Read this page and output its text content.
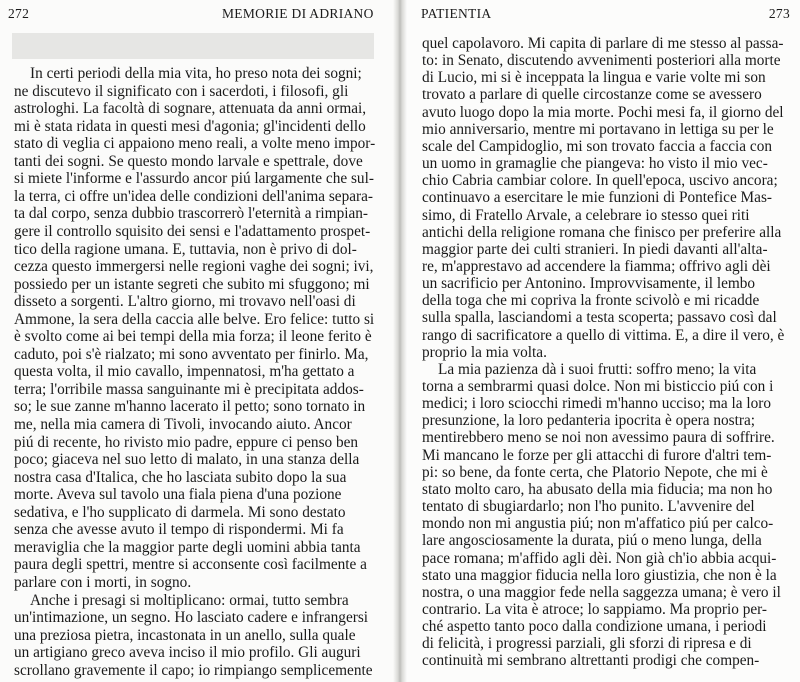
272	MEMORIE DI ADRIANO
In certi periodi della mia vita, ho preso nota dei sogni;
ne discutevo il significato con i sacerdoti, i filosofi, gli
astrologhi. La facoltà di sognare, attenuata da anni ormai,
mi è stata ridata in questi mesi d'agonia; gl'incidenti dello
stato di veglia ci appaiono meno reali, a volte meno impor-
tanti dei sogni. Se questo mondo larvale e spettrale, dove
si miete l'informe e l'assurdo ancor piú largamente che sul-
la terra, ci offre un'idea delle condizioni dell'anima separa-
ta dal corpo, senza dubbio trascorrerò l'eternità a rimpian-
gere il controllo squisito dei sensi e l'adattamento prospet-
tico della ragione umana. E, tuttavia, non è privo di dol-
cezza questo immergersi nelle regioni vaghe dei sogni; ivi,
possiedo per un istante segreti che subito mi sfuggono; mi
disseto a sorgenti. L'altro giorno, mi trovavo nell'oasi di
Ammone, la sera della caccia alle belve. Ero felice: tutto si
è svolto come ai bei tempi della mia forza; il leone ferito è
caduto, poi s'è rialzato; mi sono avventato per finirlo. Ma,
questa volta, il mio cavallo, impennatosi, m'ha gettato a
terra; l'orribile massa sanguinante mi è precipitata addos-
so; le sue zanne m'hanno lacerato il petto; sono tornato in
me, nella mia camera di Tivoli, invocando aiuto. Ancor
piú di recente, ho rivisto mio padre, eppure ci penso ben
poco; giaceva nel suo letto di malato, in una stanza della
nostra casa d'Italica, che ho lasciata subito dopo la sua
morte. Aveva sul tavolo una fiala piena d'una pozione
sedativa, e l'ho supplicato di darmela. Mi sono destato
senza che avesse avuto il tempo di rispondermi. Mi fa
meraviglia che la maggior parte degli uomini abbia tanta
paura degli spettri, mentre si acconsente così facilmente a
parlare con i morti, in sogno.
Anche i presagi si moltiplicano: ormai, tutto sembra
un'intimazione, un segno. Ho lasciato cadere e infrangersi
una preziosa pietra, incastonata in un anello, sulla quale
un artigiano greco aveva inciso il mio profilo. Gli auguri
scrollano gravemente il capo; io rimpiango semplicemente
PATIENTIA	273
quel capolavoro. Mi capita di parlare di me stesso al passa-
to: in Senato, discutendo avvenimenti posteriori alla morte
di Lucio, mi si è inceppata la lingua e varie volte mi son
trovato a parlare di quelle circostanze come se avessero
avuto luogo dopo la mia morte. Pochi mesi fa, il giorno del
mio anniversario, mentre mi portavano in lettiga su per le
scale del Campidoglio, mi son trovato faccia a faccia con
un uomo in gramaglie che piangeva: ho visto il mio vec-
chio Cabria cambiar colore. In quell'epoca, uscivo ancora;
continuavo a esercitare le mie funzioni di Pontefice Mas-
simo, di Fratello Arvale, a celebrare io stesso quei riti
antichi della religione romana che finisco per preferire alla
maggior parte dei culti stranieri. In piedi davanti all'alta-
re, m'apprestavo ad accendere la fiamma; offrivo agli dèi
un sacrificio per Antonino. Improvvisamente, il lembo
della toga che mi copriva la fronte scivolò e mi ricadde
sulla spalla, lasciandomi a testa scoperta; passavo così dal
rango di sacrificatore a quello di vittima. E, a dire il vero, è
proprio la mia volta.
La mia pazienza dà i suoi frutti: soffro meno; la vita
torna a sembrarmi quasi dolce. Non mi bisticcio piú con i
medici; i loro sciocchi rimedi m'hanno ucciso; ma la loro
presunzione, la loro pedanteria ipocrita è opera nostra;
mentirebbero meno se noi non avessimo paura di soffrire.
Mi mancano le forze per gli attacchi di furore d'altri tem-
pi: so bene, da fonte certa, che Platorio Nepote, che mi è
stato molto caro, ha abusato della mia fiducia; ma non ho
tentato di sbugiardarlo; non l'ho punito. L'avvenire del
mondo non mi angustia piú; non m'affatico piú per calco-
lare angosciosamente la durata, piú o meno lunga, della
pace romana; m'affido agli dèi. Non già ch'io abbia acqui-
stato una maggior fiducia nella loro giustizia, che non è la
nostra, o una maggior fede nella saggezza umana; è vero il
contrario. La vita è atroce; lo sappiamo. Ma proprio per-
ché aspetto tanto poco dalla condizione umana, i periodi
di felicità, i progressi parziali, gli sforzi di ripresa e di
continuità mi sembrano altrettanti prodigi che compen-
